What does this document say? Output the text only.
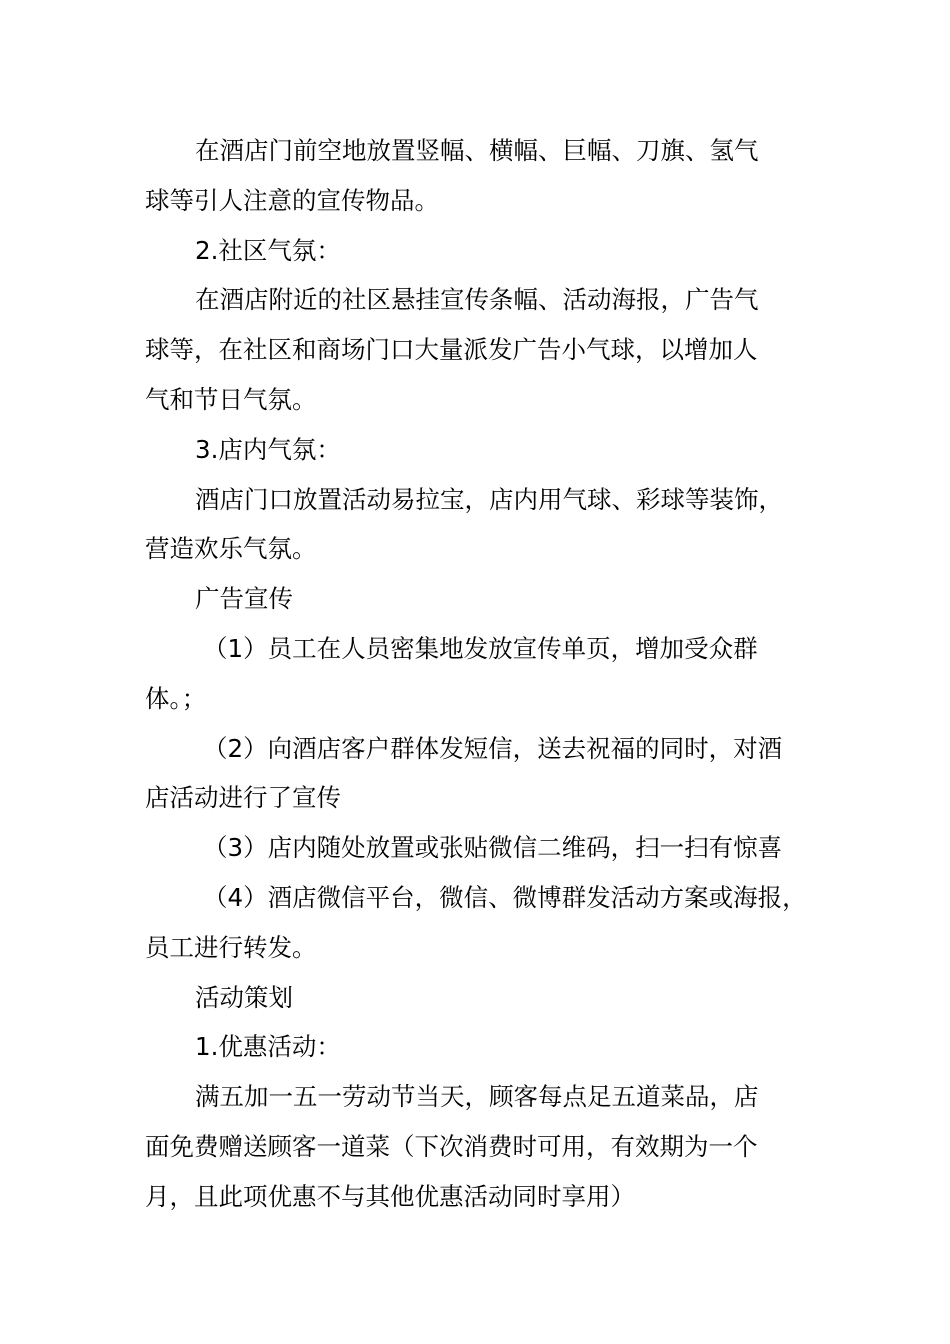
在酒店门前空地放置竖幅、横幅、巨幅、刀旗、氢气

球等引人注意的宣传物品。

2.社区气氛：

在酒店附近的社区悬挂宣传条幅、活动海报，广告气

球等，在社区和商场门口大量派发广告小气球，以增加人

气和节日气氛。

3.店内气氛：

酒店门口放置活动易拉宝，店内用气球、彩球等装饰，

营造欢乐气氛。

广告宣传

（1）员工在人员密集地发放宣传单页，增加受众群

体。；

（2）向酒店客户群体发短信，送去祝福的同时，对酒

店活动进行了宣传

（3）店内随处放置或张贴微信二维码，扫一扫有惊喜

（4）酒店微信平台，微信、微博群发活动方案或海报，

员工进行转发。

活动策划

1.优惠活动：

满五加一五一劳动节当天，顾客每点足五道菜品，店

面免费赠送顾客一道菜（下次消费时可用，有效期为一个

月，且此项优惠不与其他优惠活动同时享用）
